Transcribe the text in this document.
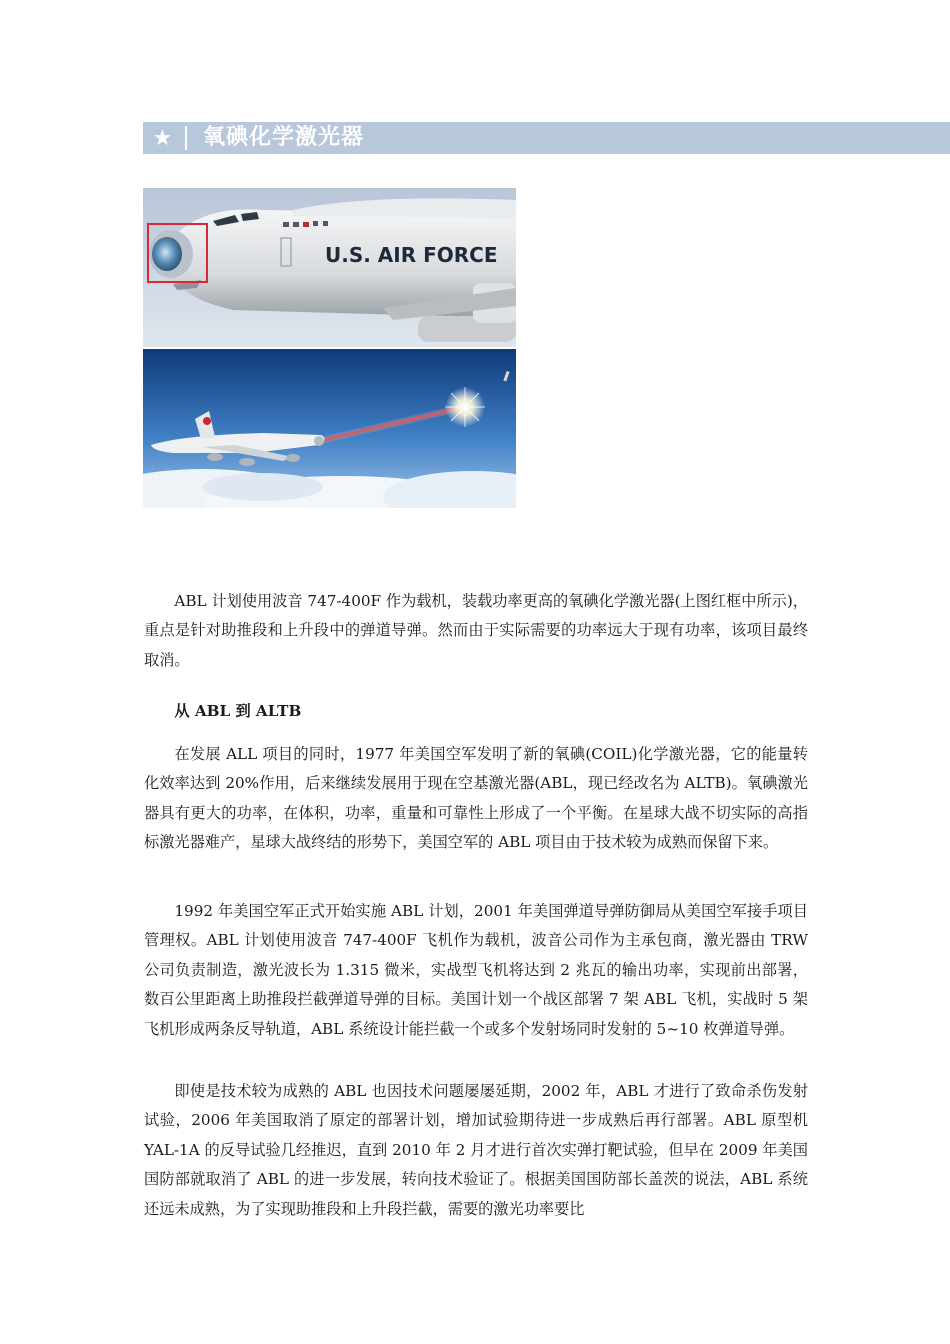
★	氧碘化学激光器
U.S. AIR FORCE

ABL 计划使用波音 747-400F 作为载机，装载功率更高的氧碘化学激光器(上图红框中所示)，重点是针对助推段和上升段中的弹道导弹。然而由于实际需要的功率远大于现有功率，该项目最终取消。

从 ABL 到 ALTB

在发展 ALL 项目的同时，1977 年美国空军发明了新的氧碘(COIL)化学激光器，它的能量转化效率达到 20%作用，后来继续发展用于现在空基激光器(ABL，现已经改名为 ALTB)。氧碘激光器具有更大的功率，在体积，功率，重量和可靠性上形成了一个平衡。在星球大战不切实际的高指标激光器难产，星球大战终结的形势下，美国空军的 ABL 项目由于技术较为成熟而保留下来。

1992 年美国空军正式开始实施 ABL 计划，2001 年美国弹道导弹防御局从美国空军接手项目管理权。ABL 计划使用波音 747-400F 飞机作为载机，波音公司作为主承包商，激光器由 TRW 公司负责制造，激光波长为 1.315 微米，实战型飞机将达到 2 兆瓦的输出功率，实现前出部署，数百公里距离上助推段拦截弹道导弹的目标。美国计划一个战区部署 7 架 ABL 飞机，实战时 5 架飞机形成两条反导轨道，ABL 系统设计能拦截一个或多个发射场同时发射的 5~10 枚弹道导弹。

即使是技术较为成熟的 ABL 也因技术问题屡屡延期，2002 年，ABL 才进行了致命杀伤发射试验，2006 年美国取消了原定的部署计划，增加试验期待进一步成熟后再行部署。ABL 原型机 YAL-1A 的反导试验几经推迟，直到 2010 年 2 月才进行首次实弹打靶试验，但早在 2009 年美国国防部就取消了 ABL 的进一步发展，转向技术验证了。根据美国国防部长盖茨的说法，ABL 系统还远未成熟，为了实现助推段和上升段拦截，需要的激光功率要比
